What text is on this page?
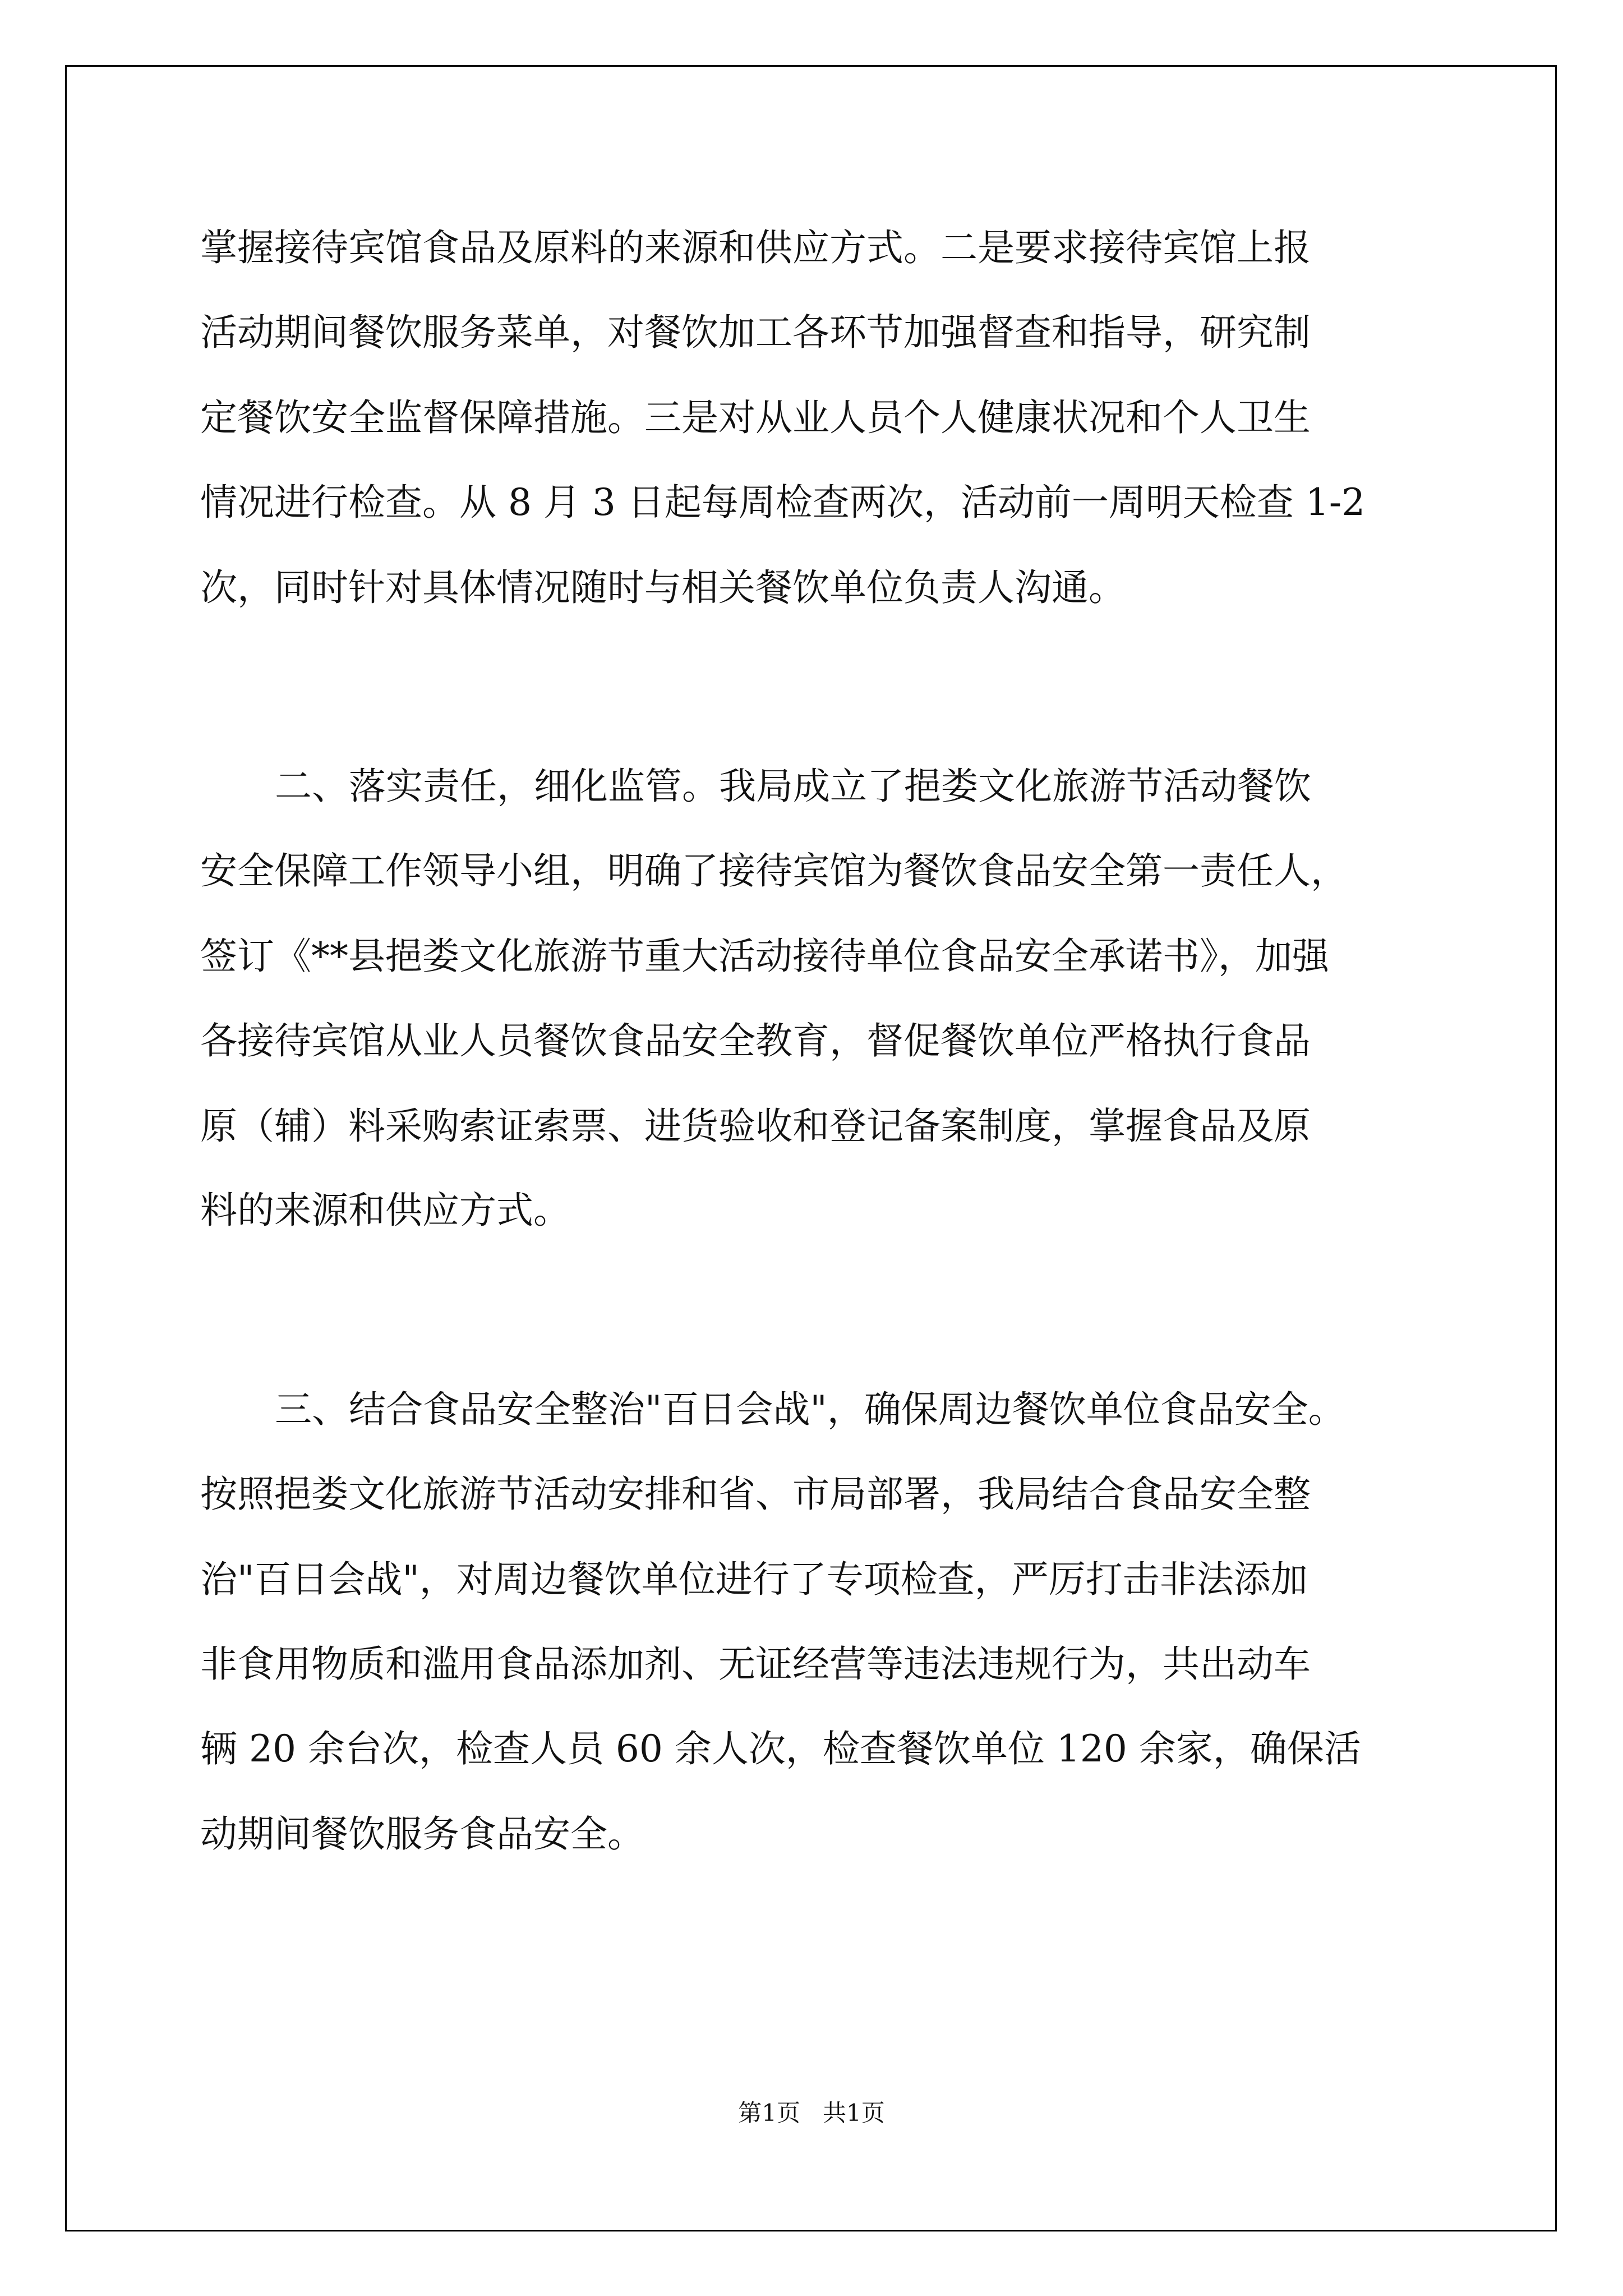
掌握接待宾馆食品及原料的来源和供应方式。二是要求接待宾馆上报

活动期间餐饮服务菜单，对餐饮加工各环节加强督查和指导，研究制

定餐饮安全监督保障措施。三是对从业人员个人健康状况和个人卫生

情况进行检查。从 8 月 3 日起每周检查两次，活动前一周明天检查 1-2

次，同时针对具体情况随时与相关餐饮单位负责人沟通。

二、落实责任，细化监管。我局成立了挹娄文化旅游节活动餐饮

安全保障工作领导小组，明确了接待宾馆为餐饮食品安全第一责任人，

签订《**县挹娄文化旅游节重大活动接待单位食品安全承诺书》，加强

各接待宾馆从业人员餐饮食品安全教育，督促餐饮单位严格执行食品

原（辅）料采购索证索票、进货验收和登记备案制度，掌握食品及原

料的来源和供应方式。

三、结合食品安全整治"百日会战"，确保周边餐饮单位食品安全。

按照挹娄文化旅游节活动安排和省、市局部署，我局结合食品安全整

治"百日会战"，对周边餐饮单位进行了专项检查，严厉打击非法添加

非食用物质和滥用食品添加剂、无证经营等违法违规行为，共出动车

辆 20 余台次，检查人员 60 余人次，检查餐饮单位 120 余家，确保活

动期间餐饮服务食品安全。

第1页   共1页
